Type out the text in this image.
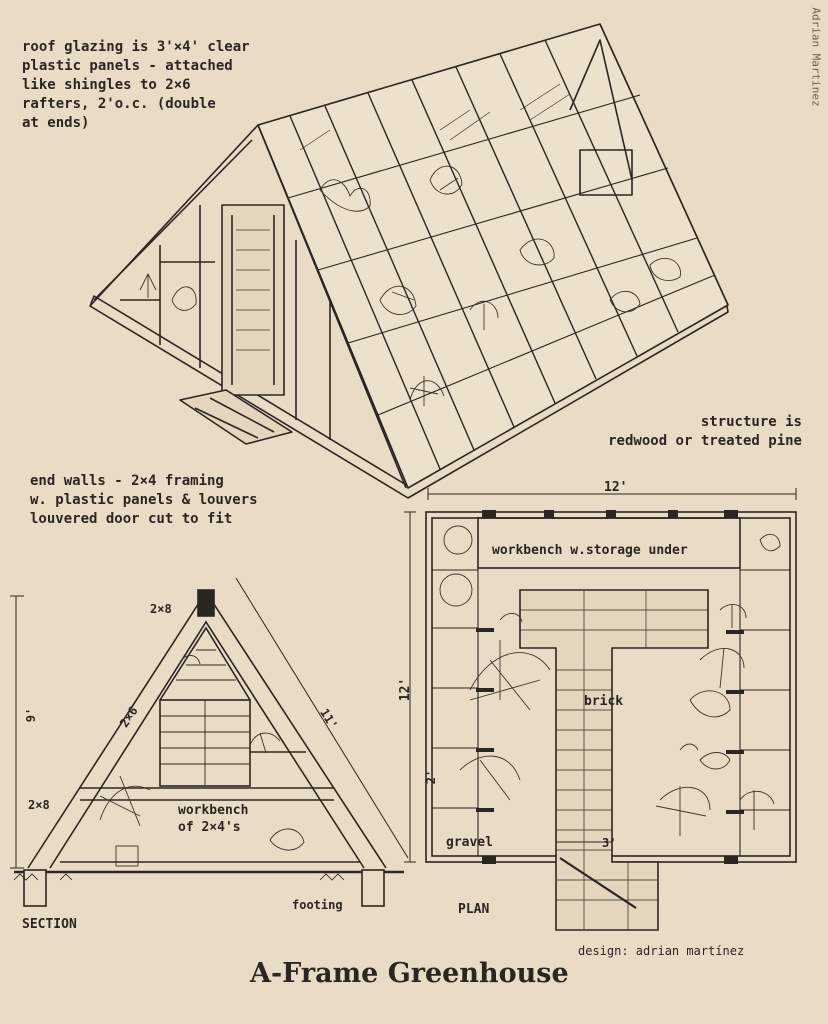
roof glazing is 3'×4' clear
plastic panels - attached
like shingles to 2×6
rafters, 2'o.c. (double
at ends)
structure is
redwood or treated pine
end walls - 2×4 framing
w. plastic panels & louvers
louvered door cut to fit
2×8
2×6
9'	11'
2×8	workbench
of 2×4's
footing
SECTION
12'
12'
2'
3'
workbench w.storage under
brick
gravel
PLAN
design: adrian martínez
A-Frame Greenhouse
Adrian Martinez
